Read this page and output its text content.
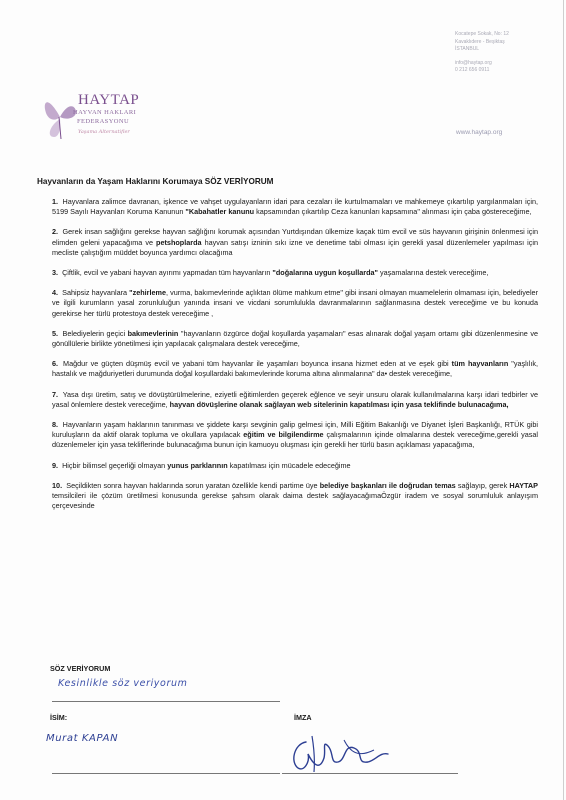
Kocatepe Sokak, No: 12
Kavaklıdere - Beşiktaş
İSTANBUL
info@haytap.org
0 212 656 0911
HAYTAP
HAYVAN HAKLARI
FEDERASYONU
Yaşama Alternatifler	www.haytap.org
Hayvanların da Yaşam Haklarını Korumaya SÖZ VERİYORUM

1. Hayvanlara zalimce davranan, işkence ve vahşet uygulayanların idari para cezaları ile kurtulmamaları ve mahkemeye çıkartılıp yargılanmaları için, 5199 Sayılı Hayvanları Koruma Kanunun "Kabahatler kanunu kapsamından çıkartılıp Ceza kanunları kapsamına" alınması için çaba göstereceğime,

2. Gerek insan sağlığını gerekse hayvan sağlığını korumak açısından Yurtdışından ülkemize kaçak tüm evcil ve süs hayvanın girişinin önlenmesi için elimden geleni yapacağıma ve petshoplarda hayvan satışı izninin sıkı izne ve denetime tabi olması için gerekli yasal düzenlemeler yapılması için mecliste çalıştığım müddet boyunca yardımcı olacağıma

3. Çiftlik, evcil ve yabani hayvan ayırımı yapmadan tüm hayvanların "doğalarına uygun koşullarda" yaşamalarına destek vereceğime,

4. Sahipsiz hayvanlara "zehirleme, vurma, bakımevlerinde açlıktan ölüme mahkum etme" gibi insani olmayan muamelelerin olmaması için, belediyeler ve ilgili kurumların yasal zorunluluğun yanında insani ve vicdani sorumlulukla davranmalarının sağlanmasına destek vereceğime ve bu konuda gerekirse her türlü protestoya destek vereceğime ,

5. Belediyelerin geçici bakımevlerinin "hayvanların özgürce doğal koşullarda yaşamaları" esas alınarak doğal yaşam ortamı gibi düzenlenmesine ve gönüllülerie birlikte yönetilmesi için yapılacak çalışmalara destek vereceğime,

6. Mağdur ve güçten düşmüş evcil ve yabani tüm hayvanlar ile yaşamları boyunca insana hizmet eden at ve eşek gibi tüm hayvanların "yaşlılık, hastalık ve mağduriyetleri durumunda doğal koşullardaki bakımevlerinde koruma altına alınmalarına" da• destek vereceğime,

7. Yasa dışı üretim, satış ve dövüştürülmelerine, eziyetli eğitimlerden geçerek eğlence ve seyir unsuru olarak kullanılmalarına karşı idari tedbirler ve yasal önlemlere destek vereceğime, hayvan dövüşlerine olanak sağlayan web sitelerinin kapatılması için yasa teklifinde bulunacağıma,

8. Hayvanların yaşam haklarının tanınması ve şiddete karşı sevginin galip gelmesi için, Milli Eğitim Bakanlığı ve Diyanet İşleri Başkanlığı, RTÜK gibi kuruluşların da aktif olarak topluma ve okullara yapılacak eğitim ve bilgilendirme çalışmalarının içinde olmalarına destek vereceğime,gerekli yasal düzenlemeler için yasa tekliflerinde bulunacağıma bunun için kamuoyu oluşması için gerekli her türlü basın açıklaması yapacağıma,

9. Hiçbir bilimsel geçerliği olmayan yunus parklarının kapatılması için mücadele edeceğime

10. Seçildikten sonra hayvan haklarında sorun yaratan özellikle kendi partime üye belediye başkanları ile doğrudan temas sağlayıp, gerek HAYTAP temsilcileri ile çözüm üretilmesi konusunda gerekse şahsım olarak daima destek sağlayacağımaÖzgür iradem ve sosyal sorumluluk anlayışım çerçevesinde

SÖZ VERİYORUM
Kesinlikle söz veriyorum
İSİM:	İMZA
Murat KAPAN
